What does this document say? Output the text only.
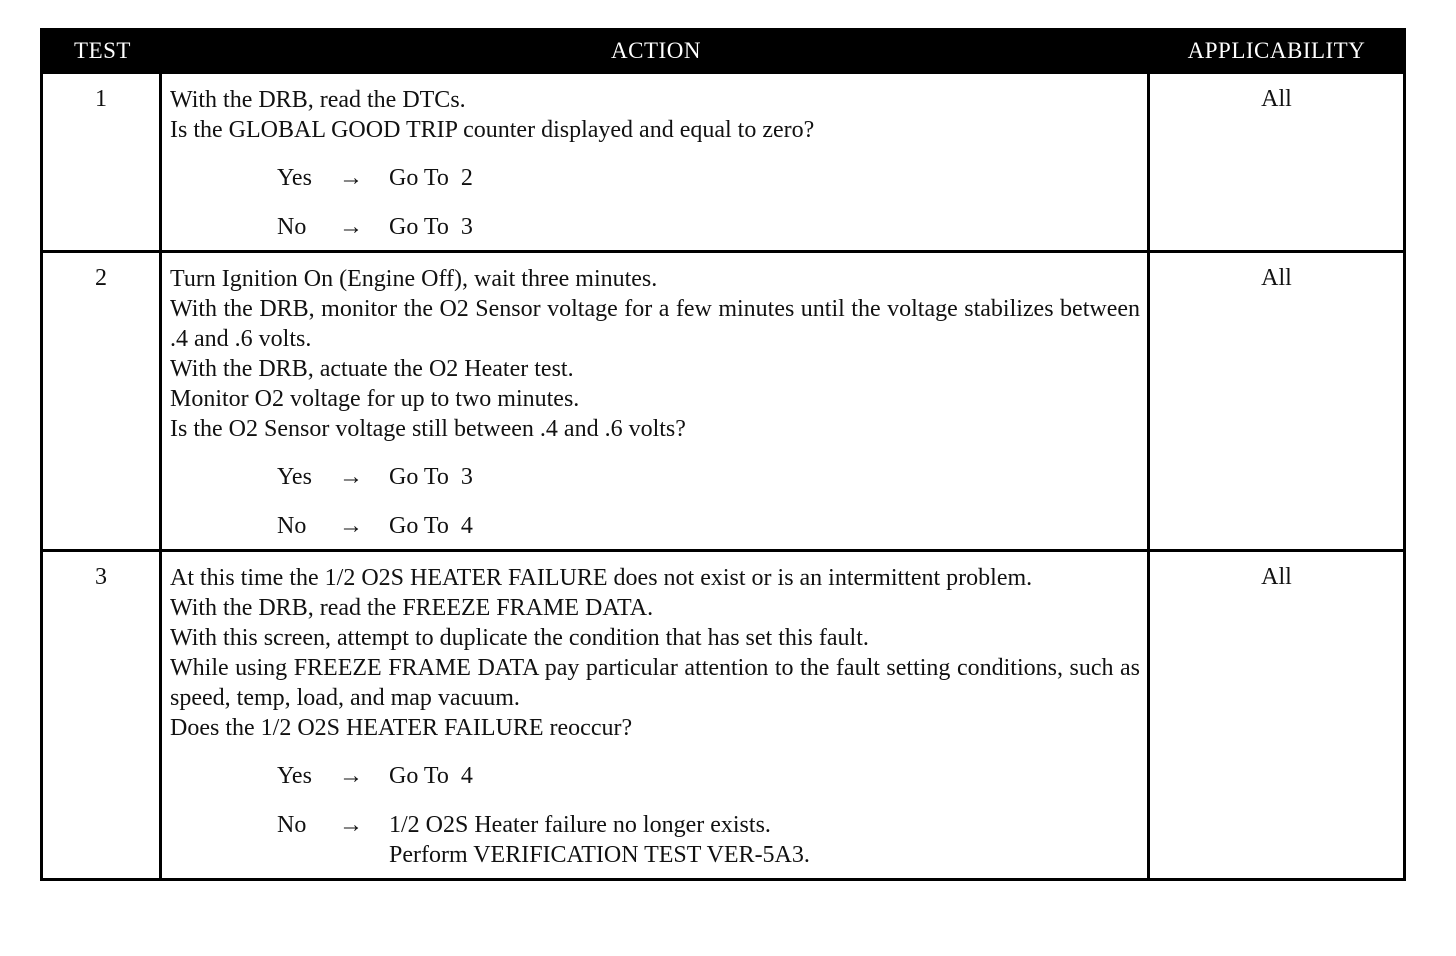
TEST	ACTION	APPLICABILITY
1	With the DRB, read the DTCs.
Is the GLOBAL GOOD TRIP counter displayed and equal to zero?
Yes	→	Go To  2
No	→	Go To  3
All
2	Turn Ignition On (Engine Off), wait three minutes.
With the DRB, monitor the O2 Sensor voltage for a few minutes until the voltage stabilizes between .4 and .6 volts.
With the DRB, actuate the O2 Heater test.
Monitor O2 voltage for up to two minutes.
Is the O2 Sensor voltage still between .4 and .6 volts?
Yes	→	Go To  3
No	→	Go To  4
All
3	At this time the 1/2 O2S HEATER FAILURE does not exist or is an intermittent problem.
With the DRB, read the FREEZE FRAME DATA.
With this screen, attempt to duplicate the condition that has set this fault.
While using FREEZE FRAME DATA pay particular attention to the fault setting conditions, such as speed, temp, load, and map vacuum.
Does the 1/2 O2S HEATER FAILURE reoccur?
Yes	→	Go To  4
No	→	1/2 O2S Heater failure no longer exists.
Perform VERIFICATION TEST VER-5A3.
All
